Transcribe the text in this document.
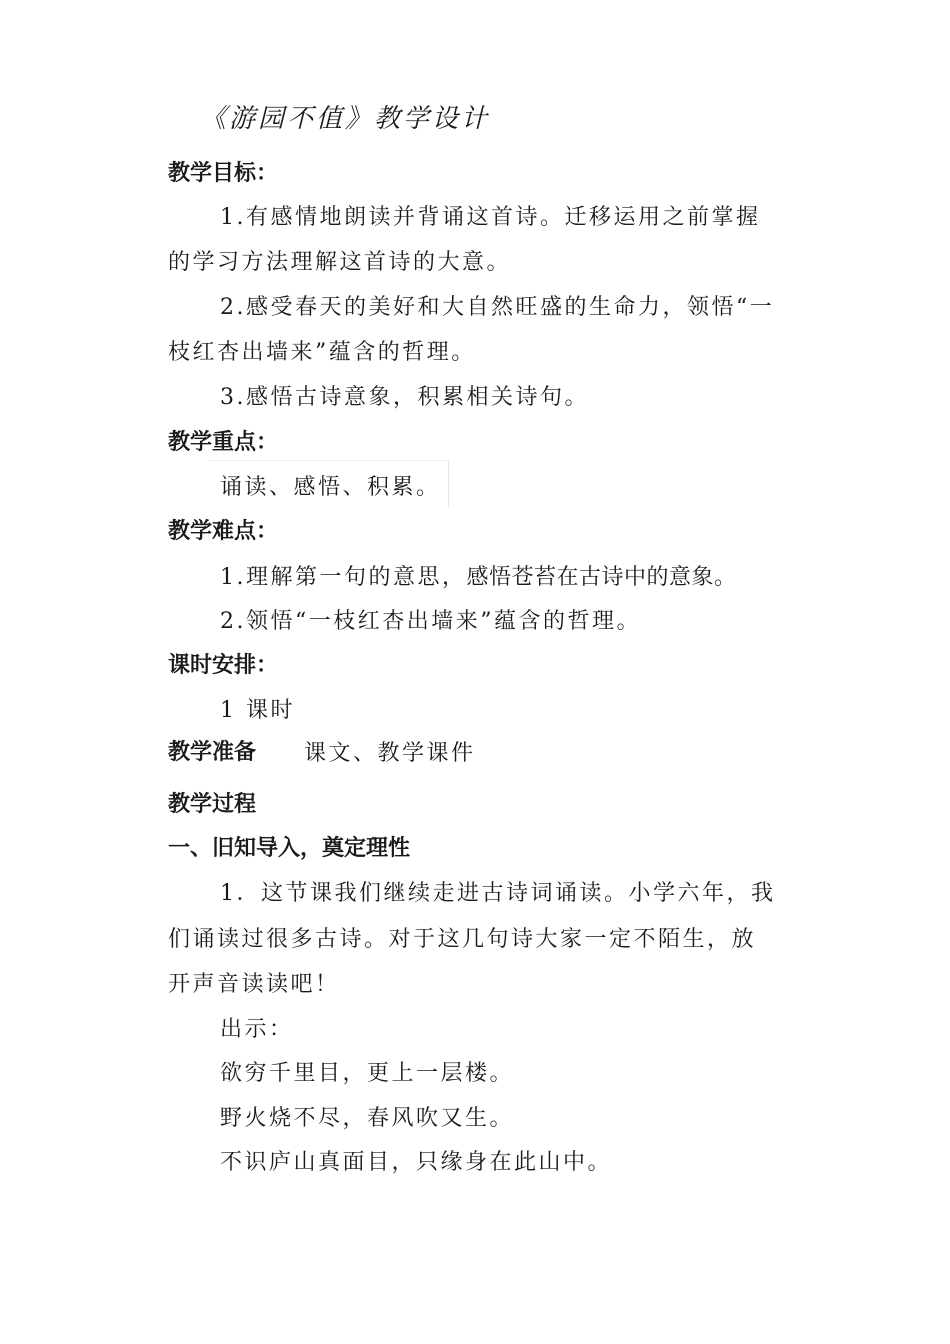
《游园不值》教学设计
教学目标：
1.有感情地朗读并背诵这首诗。迁移运用之前掌握
的学习方法理解这首诗的大意。
2.感受春天的美好和大自然旺盛的生命力，领悟“一
枝红杏出墙来”蕴含的哲理。
3.感悟古诗意象，积累相关诗句。
教学重点：
诵读、感悟、积累。
教学难点：
1.理解第一句的意思，感悟苍苔在古诗中的意象。
2.领悟“一枝红杏出墙来”蕴含的哲理。
课时安排：
1 课时
教学准备 课文、教学课件
教学过程
一、旧知导入，奠定理性
1．这节课我们继续走进古诗词诵读。小学六年，我
们诵读过很多古诗。对于这几句诗大家一定不陌生，放
开声音读读吧！
出示：
欲穷千里目，更上一层楼。
野火烧不尽，春风吹又生。
不识庐山真面目，只缘身在此山中。
